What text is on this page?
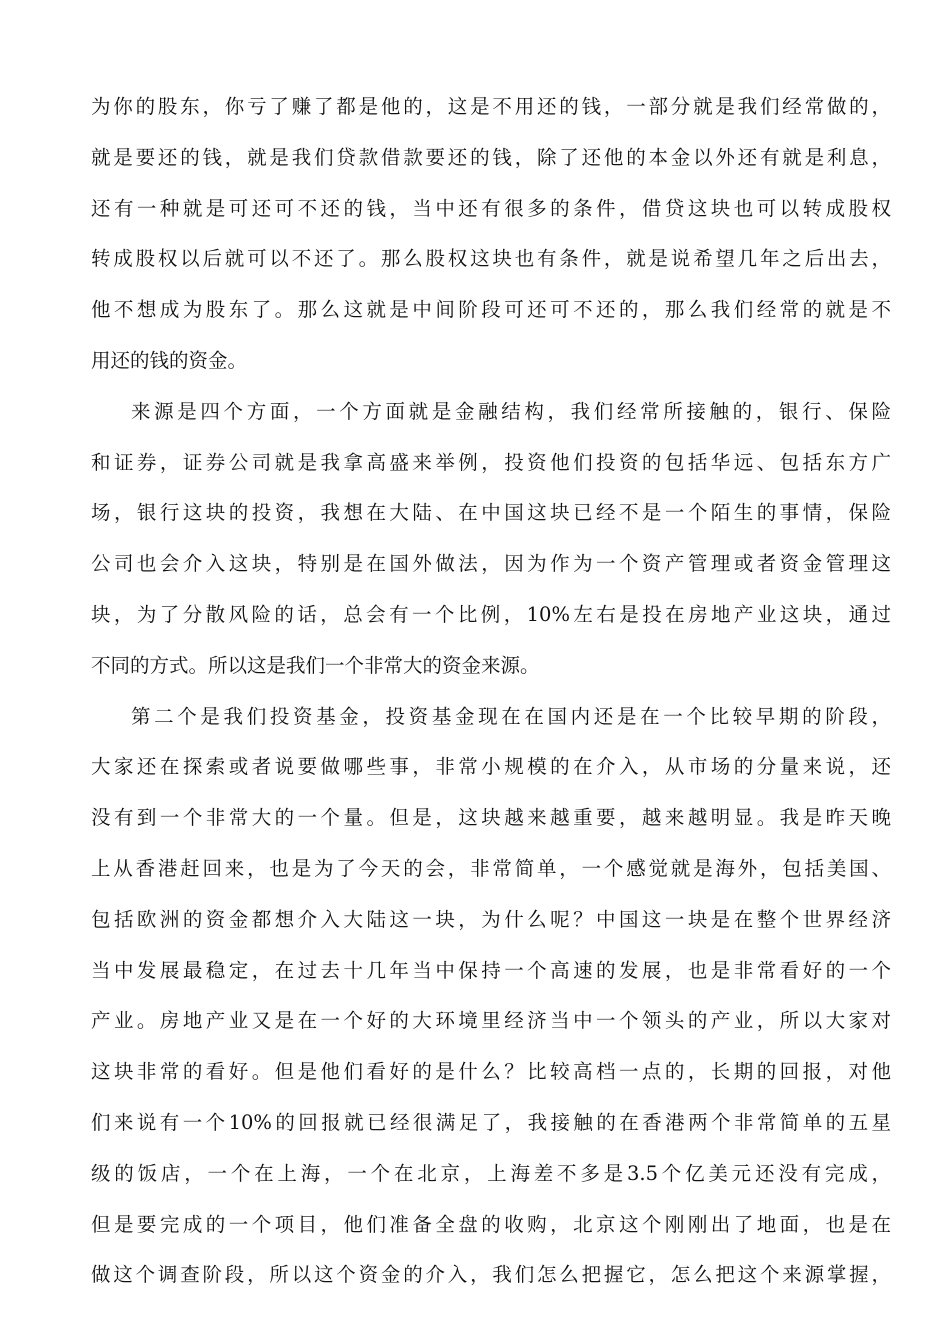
为你的股东，你亏了赚了都是他的，这是不用还的钱，一部分就是我们经常做的，
就是要还的钱，就是我们贷款借款要还的钱，除了还他的本金以外还有就是利息，
还有一种就是可还可不还的钱，当中还有很多的条件，借贷这块也可以转成股权
转成股权以后就可以不还了。那么股权这块也有条件，就是说希望几年之后出去，
他不想成为股东了。那么这就是中间阶段可还可不还的，那么我们经常的就是不
用还的钱的资金。
来源是四个方面，一个方面就是金融结构，我们经常所接触的，银行、保险
和证券，证券公司就是我拿高盛来举例，投资他们投资的包括华远、包括东方广
场，银行这块的投资，我想在大陆、在中国这块已经不是一个陌生的事情，保险
公司也会介入这块，特别是在国外做法，因为作为一个资产管理或者资金管理这
块，为了分散风险的话，总会有一个比例，10%左右是投在房地产业这块，通过
不同的方式。所以这是我们一个非常大的资金来源。
第二个是我们投资基金，投资基金现在在国内还是在一个比较早期的阶段，
大家还在探索或者说要做哪些事，非常小规模的在介入，从市场的分量来说，还
没有到一个非常大的一个量。但是，这块越来越重要，越来越明显。我是昨天晚
上从香港赶回来，也是为了今天的会，非常简单，一个感觉就是海外，包括美国、
包括欧洲的资金都想介入大陆这一块，为什么呢？中国这一块是在整个世界经济
当中发展最稳定，在过去十几年当中保持一个高速的发展，也是非常看好的一个
产业。房地产业又是在一个好的大环境里经济当中一个领头的产业，所以大家对
这块非常的看好。但是他们看好的是什么？比较高档一点的，长期的回报，对他
们来说有一个10%的回报就已经很满足了，我接触的在香港两个非常简单的五星
级的饭店，一个在上海，一个在北京，上海差不多是3.5个亿美元还没有完成，
但是要完成的一个项目，他们准备全盘的收购，北京这个刚刚出了地面，也是在
做这个调查阶段，所以这个资金的介入，我们怎么把握它，怎么把这个来源掌握，
